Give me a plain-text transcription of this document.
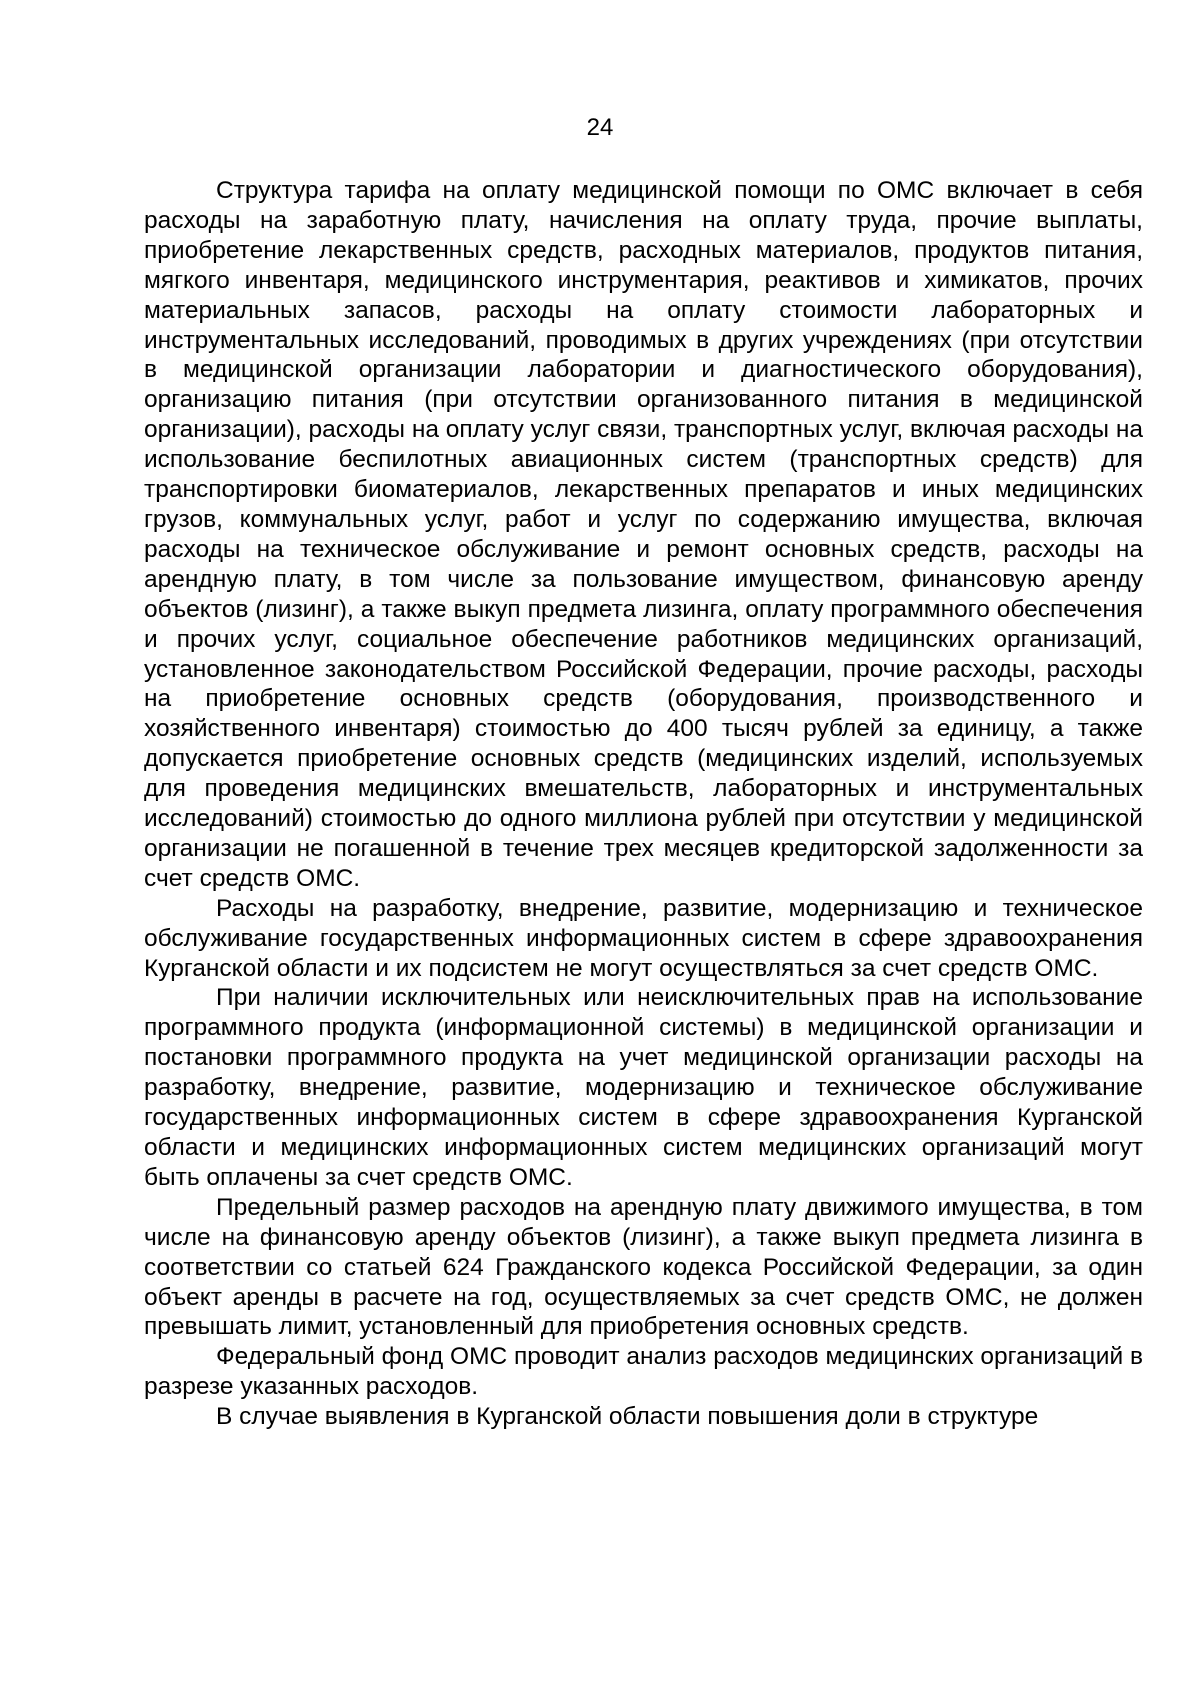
24

Структура тарифа на оплату медицинской помощи по ОМС включает в себя расходы на заработную плату, начисления на оплату труда, прочие выплаты, приобретение лекарственных средств, расходных материалов, продуктов питания, мягкого инвентаря, медицинского инструментария, реактивов и химикатов, прочих материальных запасов, расходы на оплату стоимости лабораторных и инструментальных исследований, проводимых в других учреждениях (при отсутствии в медицинской организации лаборатории и диагностического оборудования), организацию питания (при отсутствии организованного питания в медицинской организации), расходы на оплату услуг связи, транспортных услуг, включая расходы на использование беспилотных авиационных систем (транспортных средств) для транспортировки биоматериалов, лекарственных препаратов и иных медицинских грузов, коммунальных услуг, работ и услуг по содержанию имущества, включая расходы на техническое обслуживание и ремонт основных средств, расходы на арендную плату, в том числе за пользование имуществом, финансовую аренду объектов (лизинг), а также выкуп предмета лизинга, оплату программного обеспечения и прочих услуг, социальное обеспечение работников медицинских организаций, установленное законодательством Российской Федерации, прочие расходы, расходы на приобретение основных средств (оборудования, производственного и хозяйственного инвентаря) стоимостью до 400 тысяч рублей за единицу, а также допускается приобретение основных средств (медицинских изделий, используемых для проведения медицинских вмешательств, лабораторных и инструментальных исследований) стоимостью до одного миллиона рублей при отсутствии у медицинской организации не погашенной в течение трех месяцев кредиторской задолженности за счет средств ОМС.

Расходы на разработку, внедрение, развитие, модернизацию и техническое обслуживание государственных информационных систем в сфере здравоохранения Курганской области и их подсистем не могут осуществляться за счет средств ОМС.

При наличии исключительных или неисключительных прав на использование программного продукта (информационной системы) в медицинской организации и постановки программного продукта на учет медицинской организации расходы на разработку, внедрение, развитие, модернизацию и техническое обслуживание государственных информационных систем в сфере здравоохранения Курганской области и медицинских информационных систем медицинских организаций могут быть оплачены за счет средств ОМС.

Предельный размер расходов на арендную плату движимого имущества, в том числе на финансовую аренду объектов (лизинг), а также выкуп предмета лизинга в соответствии со статьей 624 Гражданского кодекса Российской Федерации, за один объект аренды в расчете на год, осуществляемых за счет средств ОМС, не должен превышать лимит, установленный для приобретения основных средств.

Федеральный фонд ОМС проводит анализ расходов медицинских организаций в разрезе указанных расходов.

В случае выявления в Курганской области повышения доли в структуре
